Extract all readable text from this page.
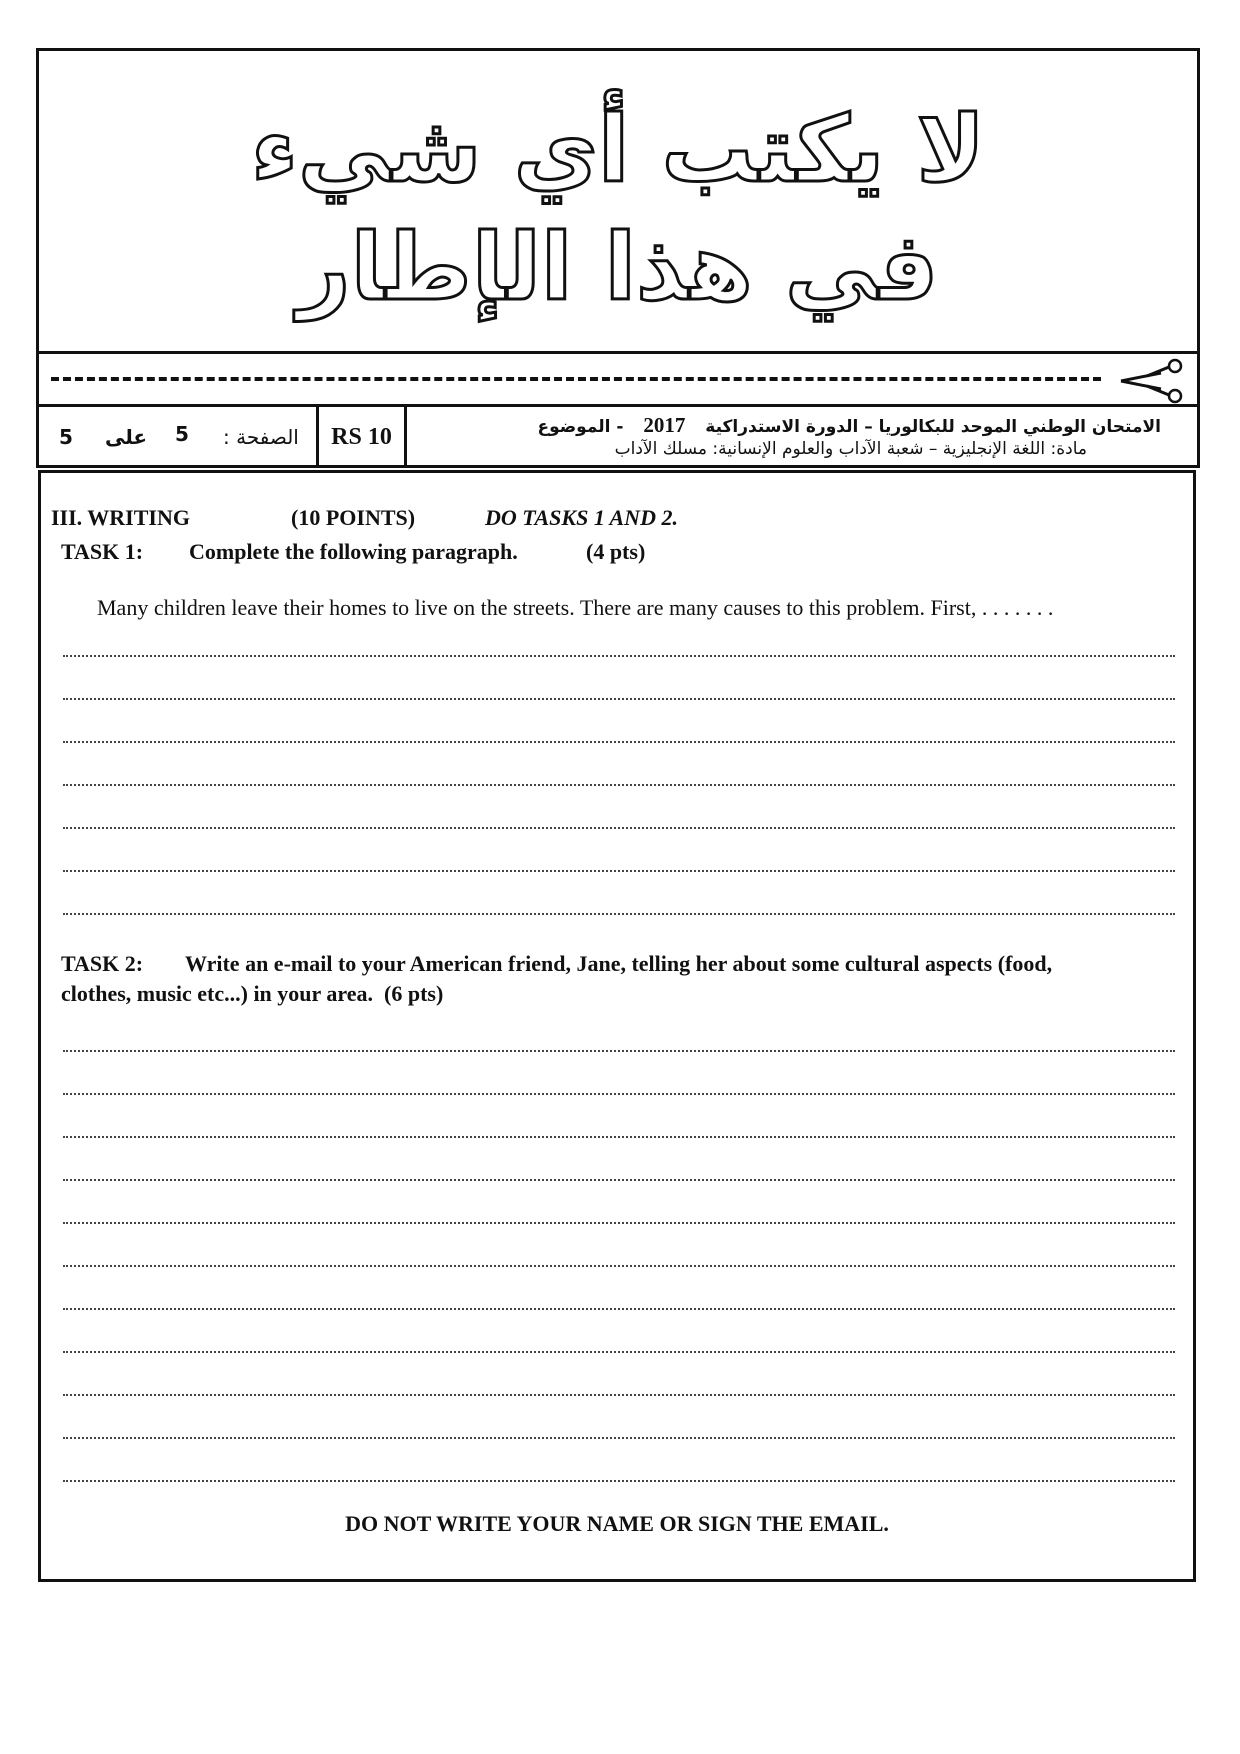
لا يكتب أي شيء
في هذا الإطار
5 على 5 الصفحة :	RS 10	الامتحان الوطني الموحد للبكالوريا – الدورة الاستدراكية 2017 - الموضوع
مادة: اللغة الإنجليزية – شعبة الآداب والعلوم الإنسانية: مسلك الآداب
III. WRITING	(10 POINTS)	DO TASKS 1 AND 2.
TASK 1: Complete the following paragraph.	(4 pts)
Many children leave their homes to live on the streets. There are many causes to this problem. First, . . . . . . .
TASK 2: Write an e-mail to your American friend, Jane, telling her about some cultural aspects (food,
clothes, music etc...) in your area. (6 pts)
DO NOT WRITE YOUR NAME OR SIGN THE EMAIL.
